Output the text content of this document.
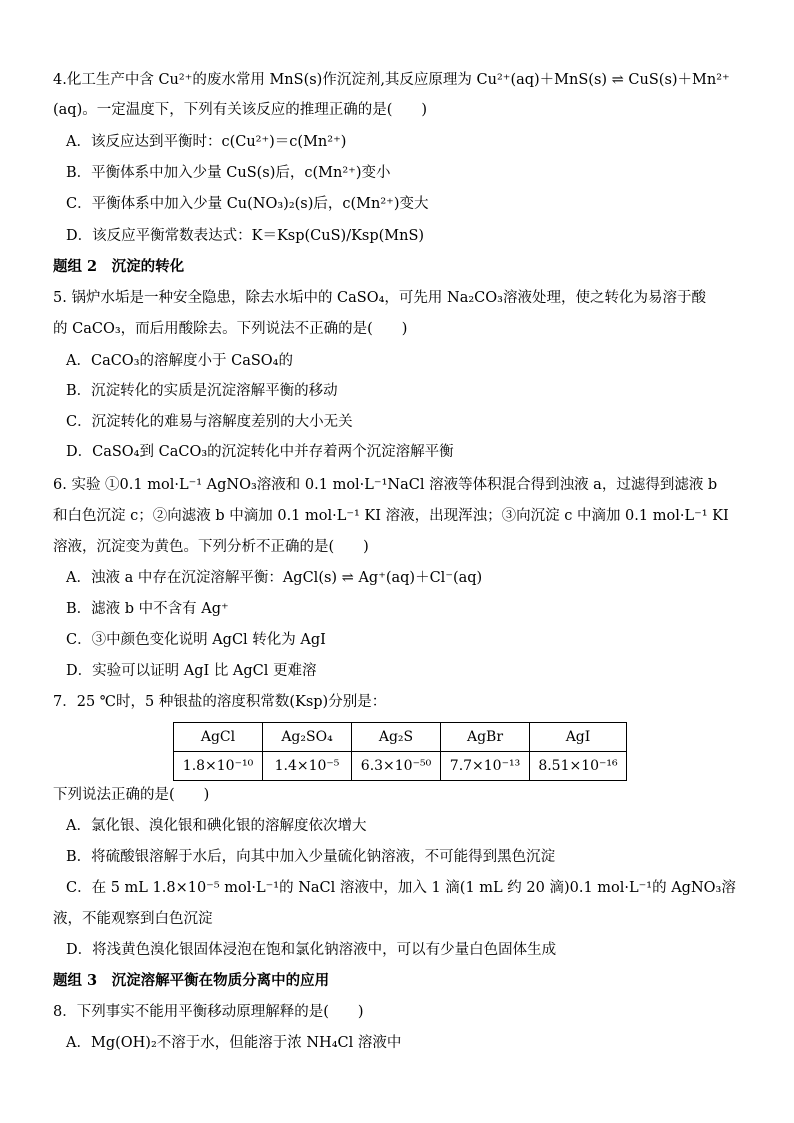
4.化工生产中含 Cu²⁺的废水常用 MnS(s)作沉淀剂,其反应原理为 Cu²⁺(aq)＋MnS(s) ⇌ CuS(s)＋Mn²⁺
(aq)。一定温度下，下列有关该反应的推理正确的是(　　)
A．该反应达到平衡时：c(Cu²⁺)＝c(Mn²⁺)
B．平衡体系中加入少量 CuS(s)后，c(Mn²⁺)变小
C．平衡体系中加入少量 Cu(NO₃)₂(s)后，c(Mn²⁺)变大
D．该反应平衡常数表达式：K＝Ksp(CuS)/Ksp(MnS)
题组 2　沉淀的转化
5. 锅炉水垢是一种安全隐患，除去水垢中的 CaSO₄，可先用 Na₂CO₃溶液处理，使之转化为易溶于酸
的 CaCO₃，而后用酸除去。下列说法不正确的是(　　)
A．CaCO₃的溶解度小于 CaSO₄的
B．沉淀转化的实质是沉淀溶解平衡的移动
C．沉淀转化的难易与溶解度差别的大小无关
D．CaSO₄到 CaCO₃的沉淀转化中并存着两个沉淀溶解平衡
6. 实验 ①0.1 mol·L⁻¹ AgNO₃溶液和 0.1 mol·L⁻¹NaCl 溶液等体积混合得到浊液 a，过滤得到滤液 b
和白色沉淀 c；②向滤液 b 中滴加 0.1 mol·L⁻¹ KI 溶液，出现浑浊；③向沉淀 c 中滴加 0.1 mol·L⁻¹ KI
溶液，沉淀变为黄色。下列分析不正确的是(　　)
A．浊液 a 中存在沉淀溶解平衡：AgCl(s) ⇌ Ag⁺(aq)＋Cl⁻(aq)
B．滤液 b 中不含有 Ag⁺
C．③中颜色变化说明 AgCl 转化为 AgI
D．实验可以证明 AgI 比 AgCl 更难溶
7．25 ℃时，5 种银盐的溶度积常数(Ksp)分别是：
AgCl	Ag₂SO₄	Ag₂S	AgBr	AgI
1.8×10⁻¹⁰	1.4×10⁻⁵	6.3×10⁻⁵⁰	7.7×10⁻¹³	8.51×10⁻¹⁶
下列说法正确的是(　　)
A．氯化银、溴化银和碘化银的溶解度依次增大
B．将硫酸银溶解于水后，向其中加入少量硫化钠溶液，不可能得到黑色沉淀
C．在 5 mL 1.8×10⁻⁵ mol·L⁻¹的 NaCl 溶液中，加入 1 滴(1 mL 约 20 滴)0.1 mol·L⁻¹的 AgNO₃溶
液，不能观察到白色沉淀
D．将浅黄色溴化银固体浸泡在饱和氯化钠溶液中，可以有少量白色固体生成
题组 3　沉淀溶解平衡在物质分离中的应用
8．下列事实不能用平衡移动原理解释的是(　　)
A．Mg(OH)₂不溶于水，但能溶于浓 NH₄Cl 溶液中
